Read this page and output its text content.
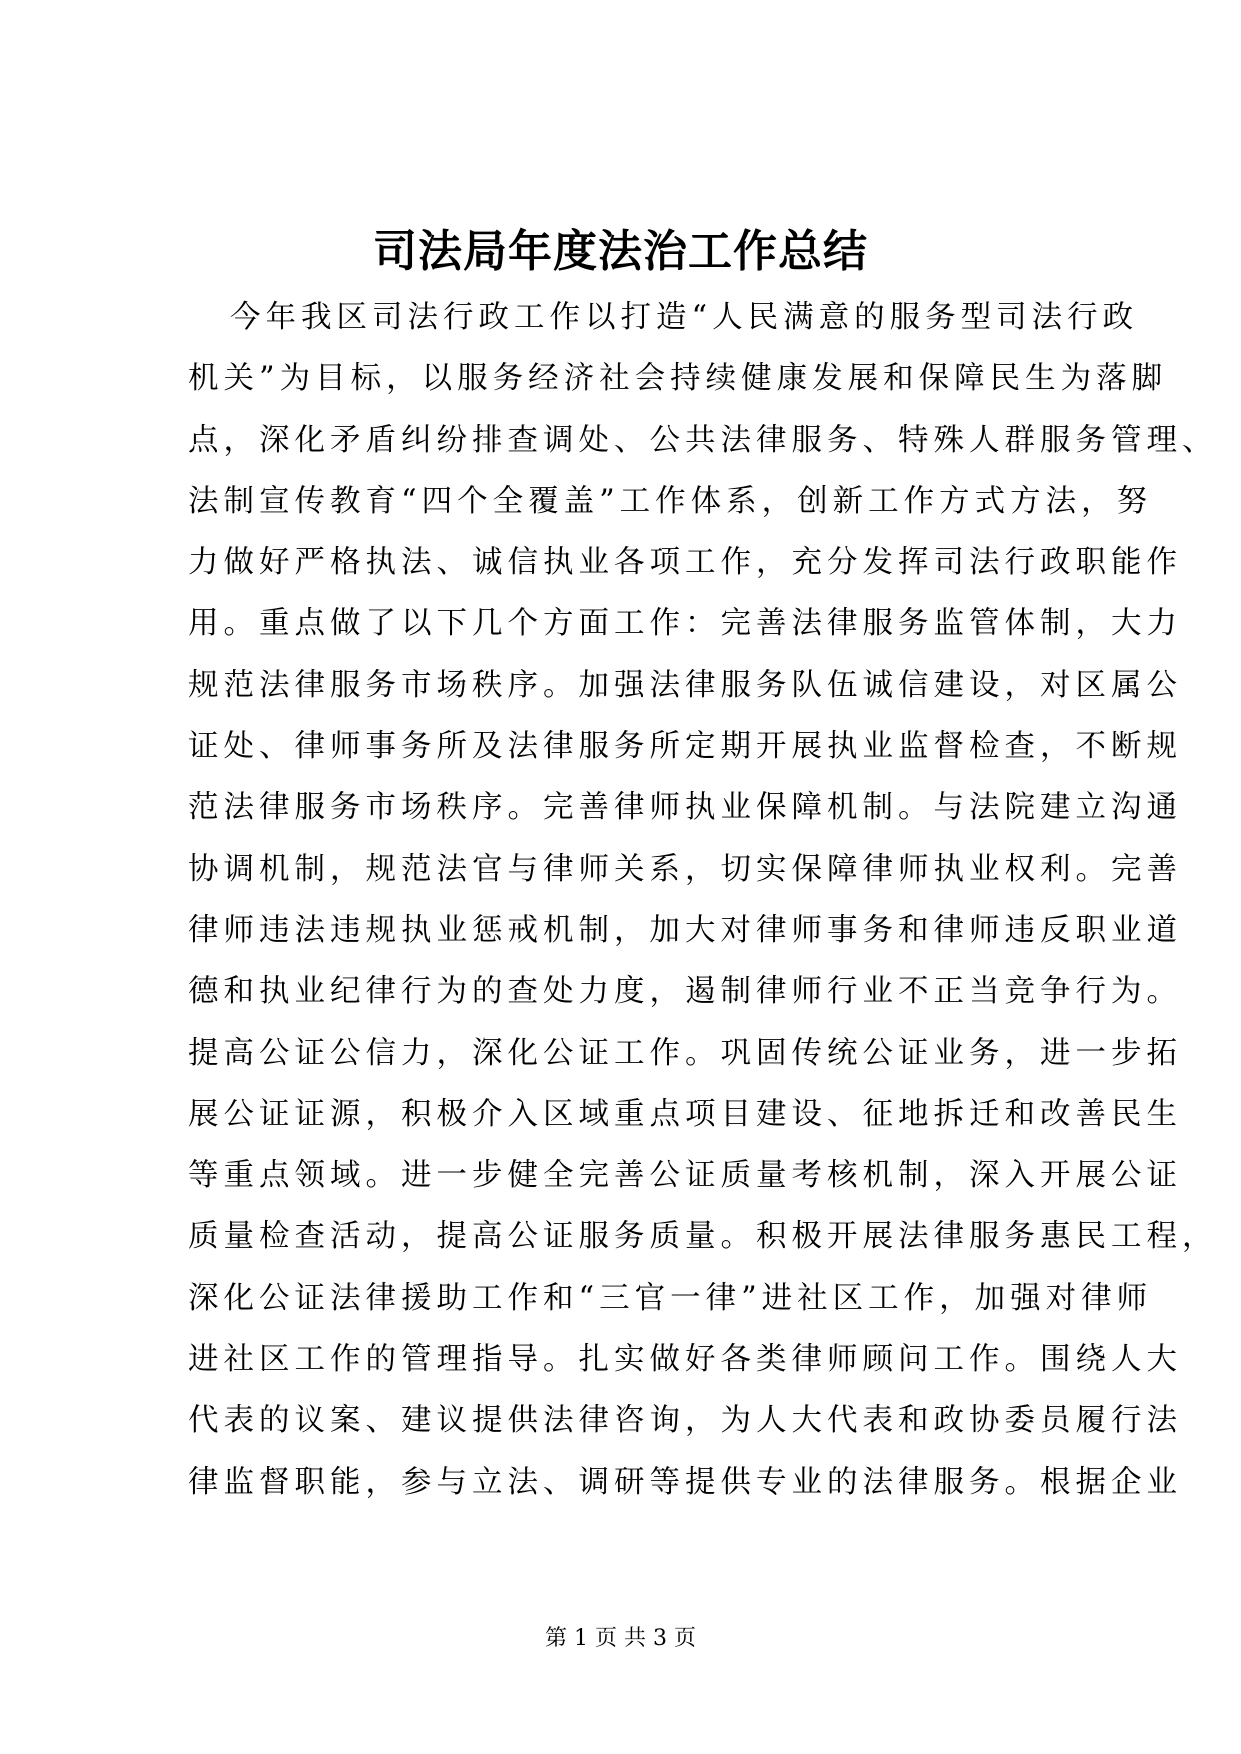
司法局年度法治工作总结
今年我区司法行政工作以打造“人民满意的服务型司法行政
机关”为目标，以服务经济社会持续健康发展和保障民生为落脚
点，深化矛盾纠纷排查调处、公共法律服务、特殊人群服务管理、
法制宣传教育“四个全覆盖”工作体系，创新工作方式方法，努
力做好严格执法、诚信执业各项工作，充分发挥司法行政职能作
用。重点做了以下几个方面工作：完善法律服务监管体制，大力
规范法律服务市场秩序。加强法律服务队伍诚信建设，对区属公
证处、律师事务所及法律服务所定期开展执业监督检查，不断规
范法律服务市场秩序。完善律师执业保障机制。与法院建立沟通
协调机制，规范法官与律师关系，切实保障律师执业权利。完善
律师违法违规执业惩戒机制，加大对律师事务和律师违反职业道
德和执业纪律行为的查处力度，遏制律师行业不正当竞争行为。
提高公证公信力，深化公证工作。巩固传统公证业务，进一步拓
展公证证源，积极介入区域重点项目建设、征地拆迁和改善民生
等重点领域。进一步健全完善公证质量考核机制，深入开展公证
质量检查活动，提高公证服务质量。积极开展法律服务惠民工程，
深化公证法律援助工作和“三官一律”进社区工作，加强对律师
进社区工作的管理指导。扎实做好各类律师顾问工作。围绕人大
代表的议案、建议提供法律咨询，为人大代表和政协委员履行法
律监督职能，参与立法、调研等提供专业的法律服务。根据企业
第 1 页 共 3 页
